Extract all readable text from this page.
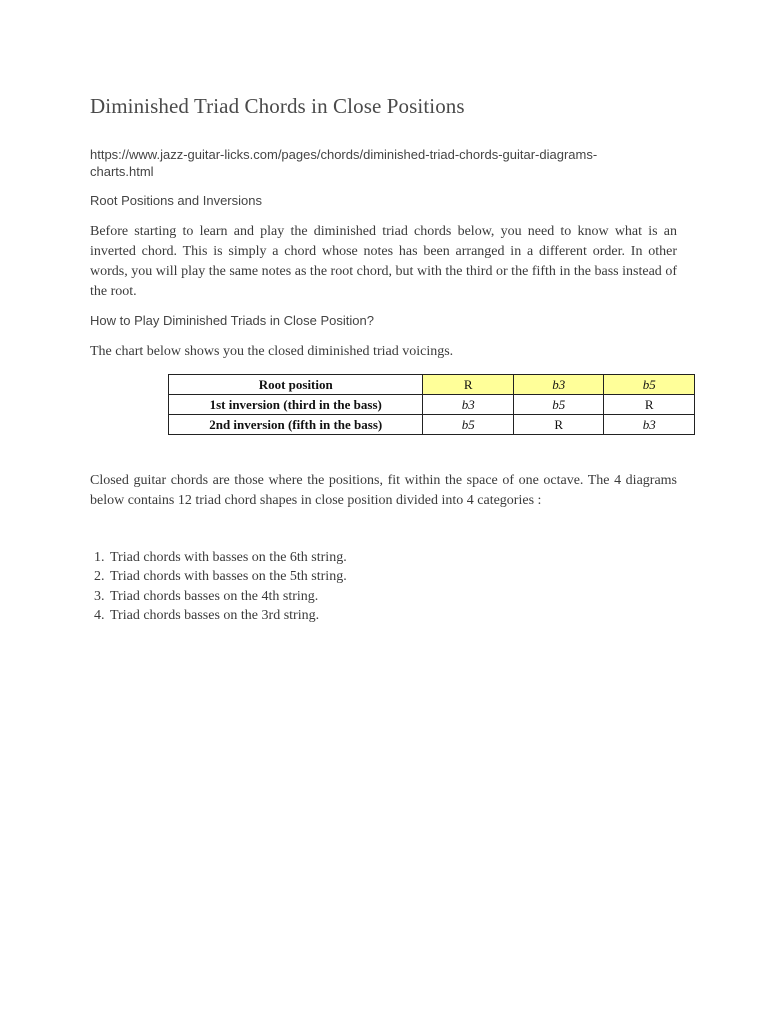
Diminished Triad Chords in Close Positions
https://www.jazz-guitar-licks.com/pages/chords/diminished-triad-chords-guitar-diagrams-charts.html
Root Positions and Inversions
Before starting to learn and play the diminished triad chords below, you need to know what is an inverted chord. This is simply a chord whose notes has been arranged in a different order. In other words, you will play the same notes as the root chord, but with the third or the fifth in the bass instead of the root.
How to Play Diminished Triads in Close Position?
The chart below shows you the closed diminished triad voicings.
Root position	R	b3	b5
1st inversion (third in the bass)	b3	b5	R
2nd inversion (fifth in the bass)	b5	R	b3
Closed guitar chords are those where the positions, fit within the space of one octave. The 4 diagrams below contains 12 triad chord shapes in close position divided into 4 categories :
1. Triad chords with basses on the 6th string.
2. Triad chords with basses on the 5th string.
3. Triad chords basses on the 4th string.
4. Triad chords basses on the 3rd string.
